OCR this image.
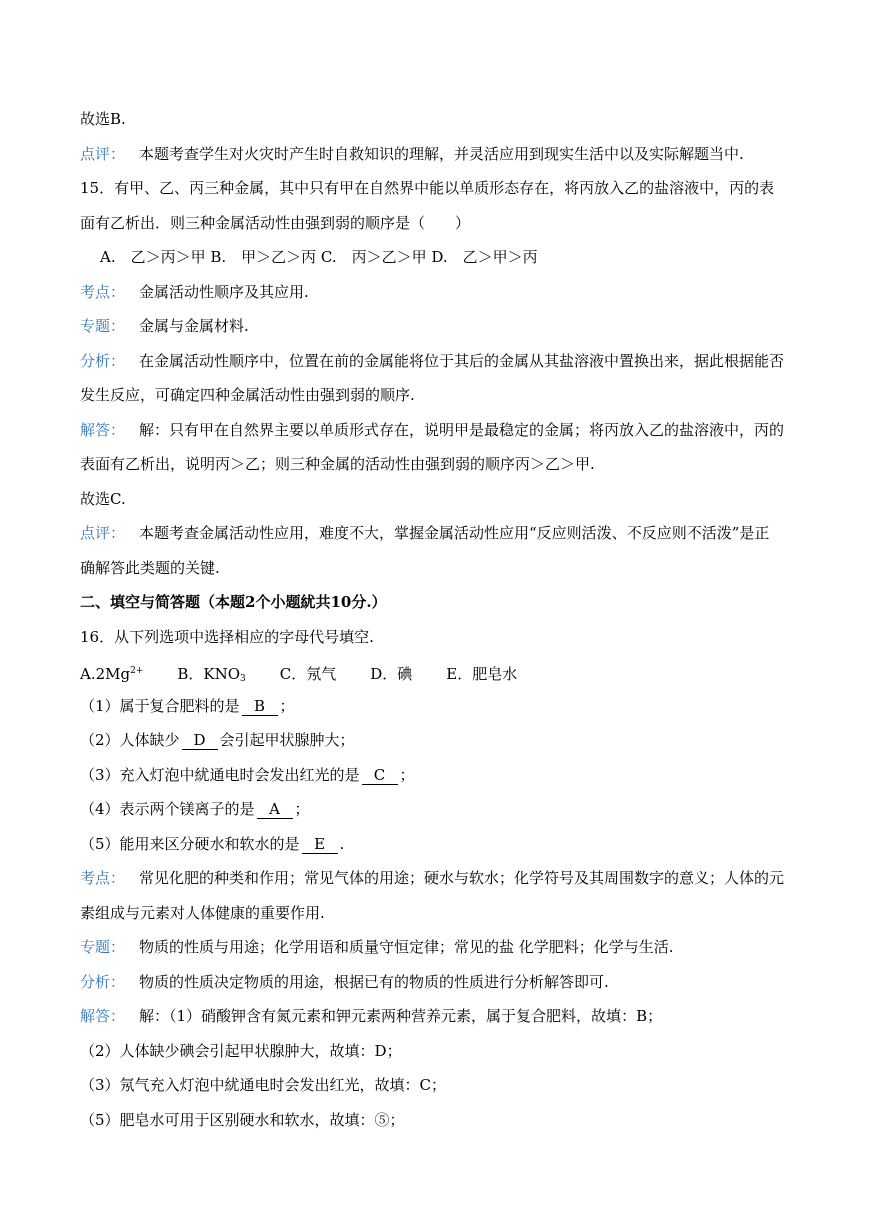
故选B.
点评： 本题考查学生对火灾时产生时自救知识的理解，并灵活应用到现实生活中以及实际解题当中.
15．有甲、乙、丙三种金属，其中只有甲在自然界中能以单质形态存在，将丙放入乙的盐溶液中，丙的表
面有乙析出．则三种金属活动性由强到弱的顺序是（　　）
A.　乙＞丙＞甲 B.　甲＞乙＞丙 C.　丙＞乙＞甲 D.　乙＞甲＞丙
考点： 金属活动性顺序及其应用.
专题： 金属与金属材料.
分析： 在金属活动性顺序中，位置在前的金属能将位于其后的金属从其盐溶液中置换出来，据此根据能否
发生反应，可确定四种金属活动性由强到弱的顺序.
解答： 解：只有甲在自然界主要以单质形式存在，说明甲是最稳定的金属；将丙放入乙的盐溶液中，丙的
表面有乙析出，说明丙＞乙；则三种金属的活动性由强到弱的顺序丙＞乙＞甲.
故选C.
点评： 本题考查金属活动性应用，难度不大，掌握金属活动性应用“反应则活泼、不反应则不活泼”是正
确解答此类题的关键.
二、填空与简答题（本题2个小题紌共10分.）
16．从下列选项中选择相应的字母代号填空.
$A.2Mg^{2+}$ B．$KNO_3$ C．氖气 D．碘 E．肥皂水
（1）属于复合肥料的是 B ；
（2）人体缺少 D 会引起甲状腺肿大；
（3）充入灯泡中紌通电时会发出红光的是 C ；
（4）表示两个镁离子的是 A ；
（5）能用来区分硬水和软水的是 E .
考点： 常见化肥的种类和作用；常见气体的用途；硬水与软水；化学符号及其周围数字的意义；人体的元
素组成与元素对人体健康的重要作用.
专题： 物质的性质与用途；化学用语和质量守恒定律；常见的盐 化学肥料；化学与生活.
分析： 物质的性质决定物质的用途，根据已有的物质的性质进行分析解答即可.
解答： 解：（1）硝酸钾含有氮元素和钾元素两种营养元素，属于复合肥料，故填：B；
（2）人体缺少碘会引起甲状腺肿大，故填：D；
（3）氖气充入灯泡中紌通电时会发出红光，故填：C；
（5）肥皂水可用于区别硬水和软水，故填：⑤；
